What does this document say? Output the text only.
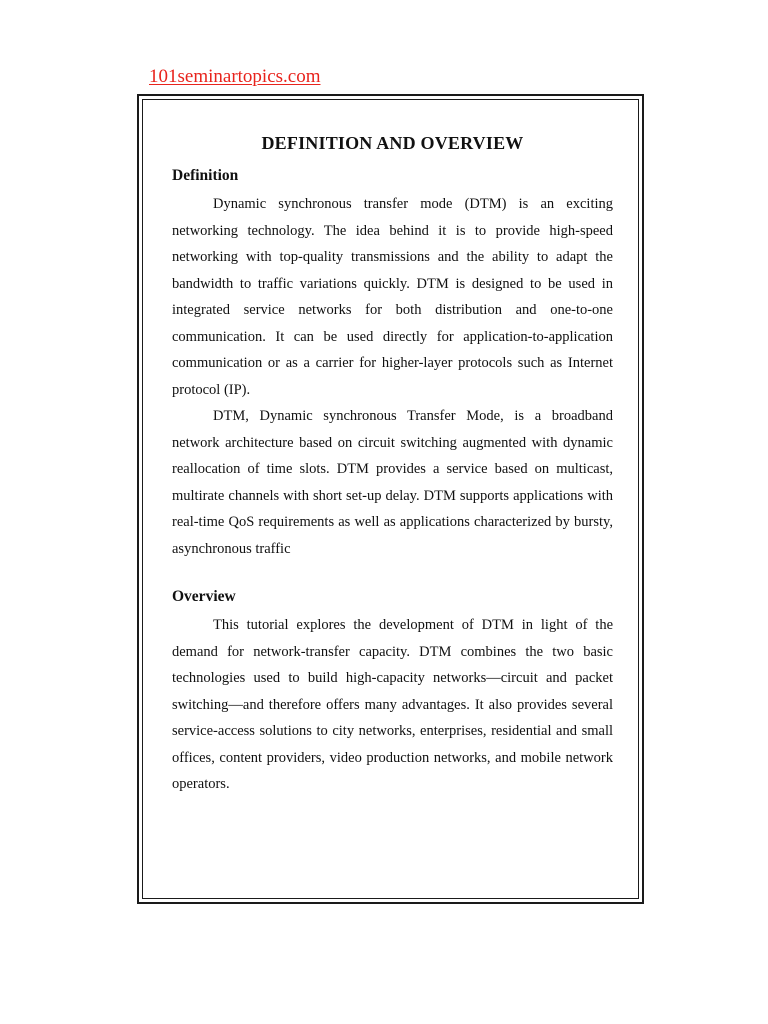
101seminartopics.com
DEFINITION AND OVERVIEW
Definition

Dynamic synchronous transfer mode (DTM) is an exciting networking technology. The idea behind it is to provide high-speed networking with top-quality transmissions and the ability to adapt the bandwidth to traffic variations quickly. DTM is designed to be used in integrated service networks for both distribution and one-to-one communication. It can be used directly for application-to-application communication or as a carrier for higher-layer protocols such as Internet protocol (IP).

DTM, Dynamic synchronous Transfer Mode, is a broadband network architecture based on circuit switching augmented with dynamic reallocation of time slots. DTM provides a service based on multicast, multirate channels with short set-up delay. DTM supports applications with real-time QoS requirements as well as applications characterized by bursty, asynchronous traffic

Overview

This tutorial explores the development of DTM in light of the demand for network-transfer capacity. DTM combines the two basic technologies used to build high-capacity networks—circuit and packet switching—and therefore offers many advantages. It also provides several service-access solutions to city networks, enterprises, residential and small offices, content providers, video production networks, and mobile network operators.
